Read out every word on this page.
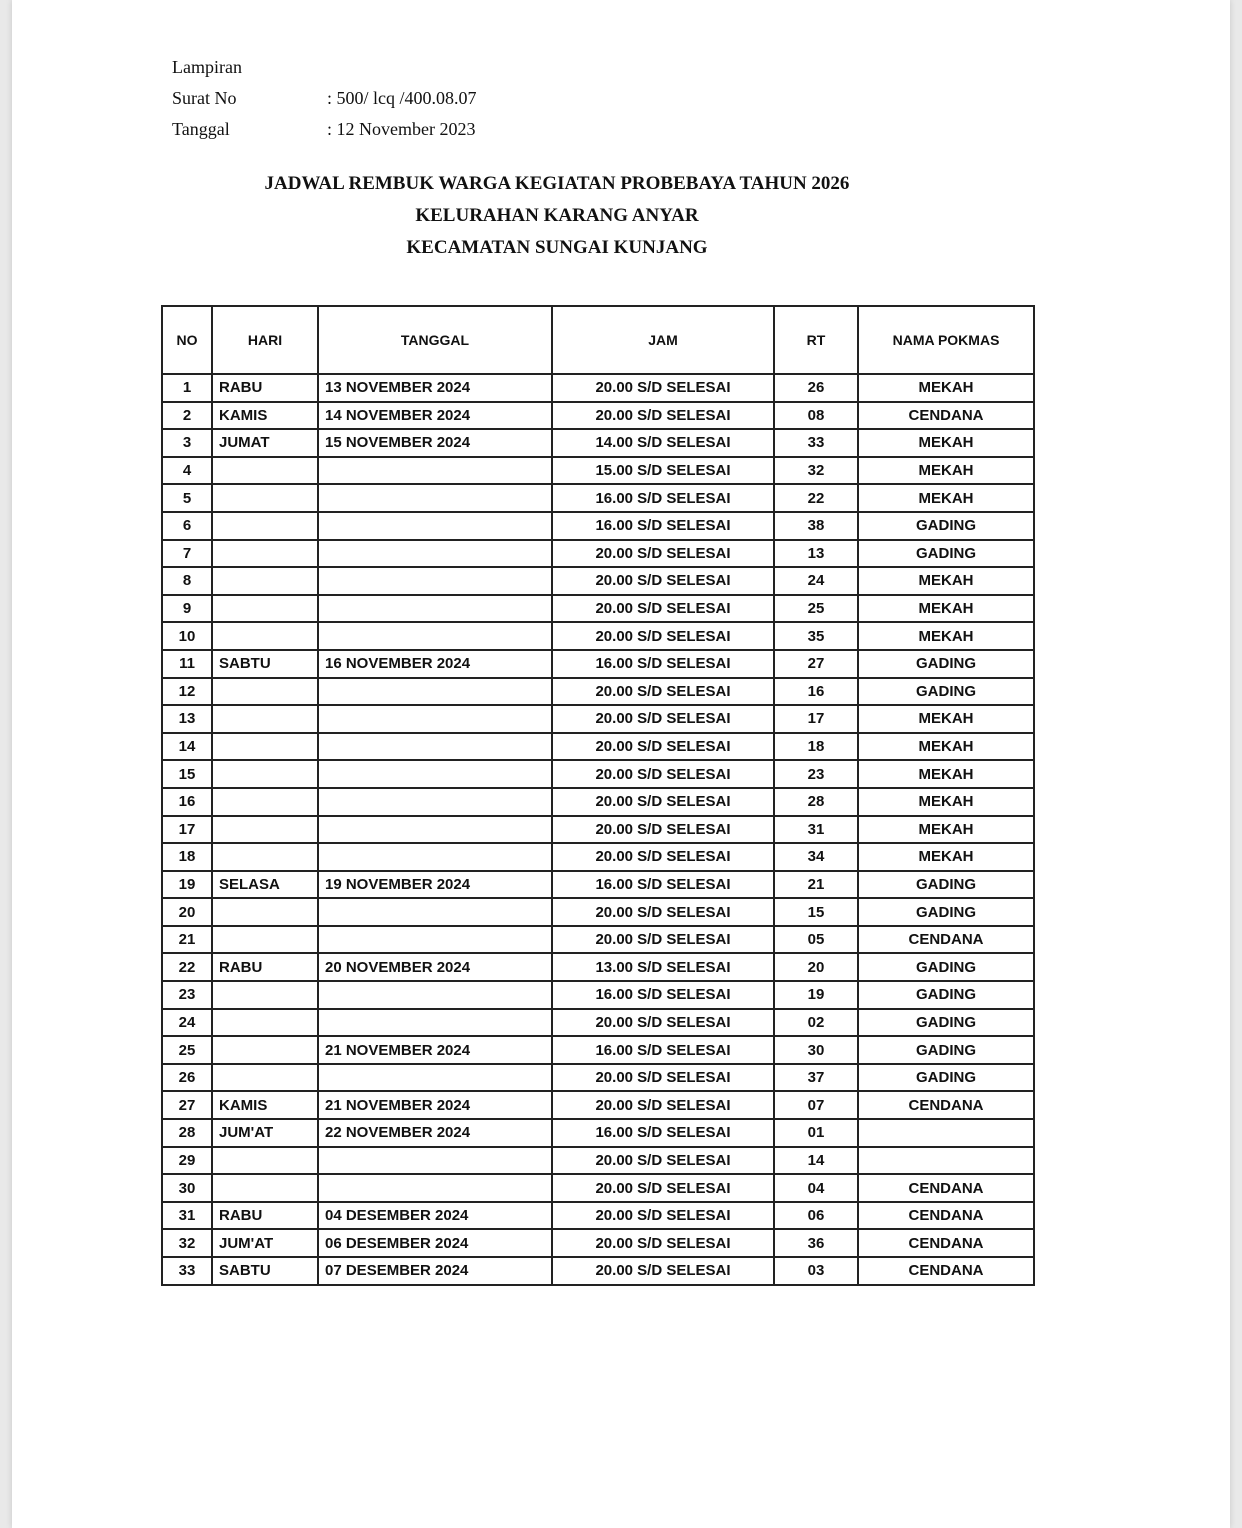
Lampiran
Surat No	: 500/ lcq /400.08.07
Tanggal	: 12 November 2023
JADWAL REMBUK WARGA KEGIATAN PROBEBAYA TAHUN 2026
KELURAHAN KARANG ANYAR
KECAMATAN SUNGAI KUNJANG
NO	HARI	TANGGAL	JAM	RT	NAMA POKMAS
1	RABU	13 NOVEMBER 2024	20.00 S/D SELESAI	26	MEKAH
2	KAMIS	14 NOVEMBER 2024	20.00 S/D SELESAI	08	CENDANA
3	JUMAT	15 NOVEMBER 2024	14.00 S/D SELESAI	33	MEKAH
4			15.00 S/D SELESAI	32	MEKAH
5			16.00 S/D SELESAI	22	MEKAH
6			16.00 S/D SELESAI	38	GADING
7			20.00 S/D SELESAI	13	GADING
8			20.00 S/D SELESAI	24	MEKAH
9			20.00 S/D SELESAI	25	MEKAH
10			20.00 S/D SELESAI	35	MEKAH
11	SABTU	16 NOVEMBER 2024	16.00 S/D SELESAI	27	GADING
12			20.00 S/D SELESAI	16	GADING
13			20.00 S/D SELESAI	17	MEKAH
14			20.00 S/D SELESAI	18	MEKAH
15			20.00 S/D SELESAI	23	MEKAH
16			20.00 S/D SELESAI	28	MEKAH
17			20.00 S/D SELESAI	31	MEKAH
18			20.00 S/D SELESAI	34	MEKAH
19	SELASA	19 NOVEMBER 2024	16.00 S/D SELESAI	21	GADING
20			20.00 S/D SELESAI	15	GADING
21			20.00 S/D SELESAI	05	CENDANA
22	RABU	20 NOVEMBER 2024	13.00 S/D SELESAI	20	GADING
23			16.00 S/D SELESAI	19	GADING
24			20.00 S/D SELESAI	02	GADING
25		21 NOVEMBER 2024	16.00 S/D SELESAI	30	GADING
26			20.00 S/D SELESAI	37	GADING
27	KAMIS	21 NOVEMBER 2024	20.00 S/D SELESAI	07	CENDANA
28	JUM'AT	22 NOVEMBER 2024	16.00 S/D SELESAI	01	
29			20.00 S/D SELESAI	14	
30			20.00 S/D SELESAI	04	CENDANA
31	RABU	04 DESEMBER 2024	20.00 S/D SELESAI	06	CENDANA
32	JUM'AT	06 DESEMBER 2024	20.00 S/D SELESAI	36	CENDANA
33	SABTU	07 DESEMBER 2024	20.00 S/D SELESAI	03	CENDANA
